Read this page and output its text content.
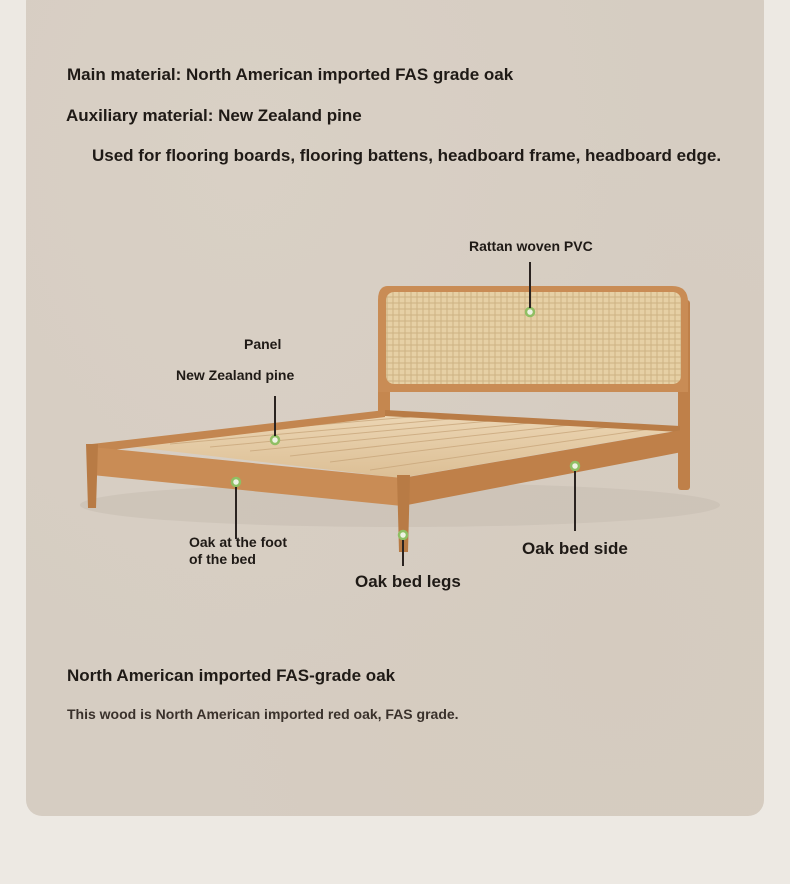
Main material: North American imported FAS grade oak
Auxiliary material: New Zealand pine
Used for flooring boards, flooring battens, headboard frame, headboard edge.
Rattan woven PVC
Panel
New Zealand pine
Oak at the foot
of the bed
Oak bed legs
Oak bed side
North American imported FAS-grade oak
This wood is North American imported red oak, FAS grade.
